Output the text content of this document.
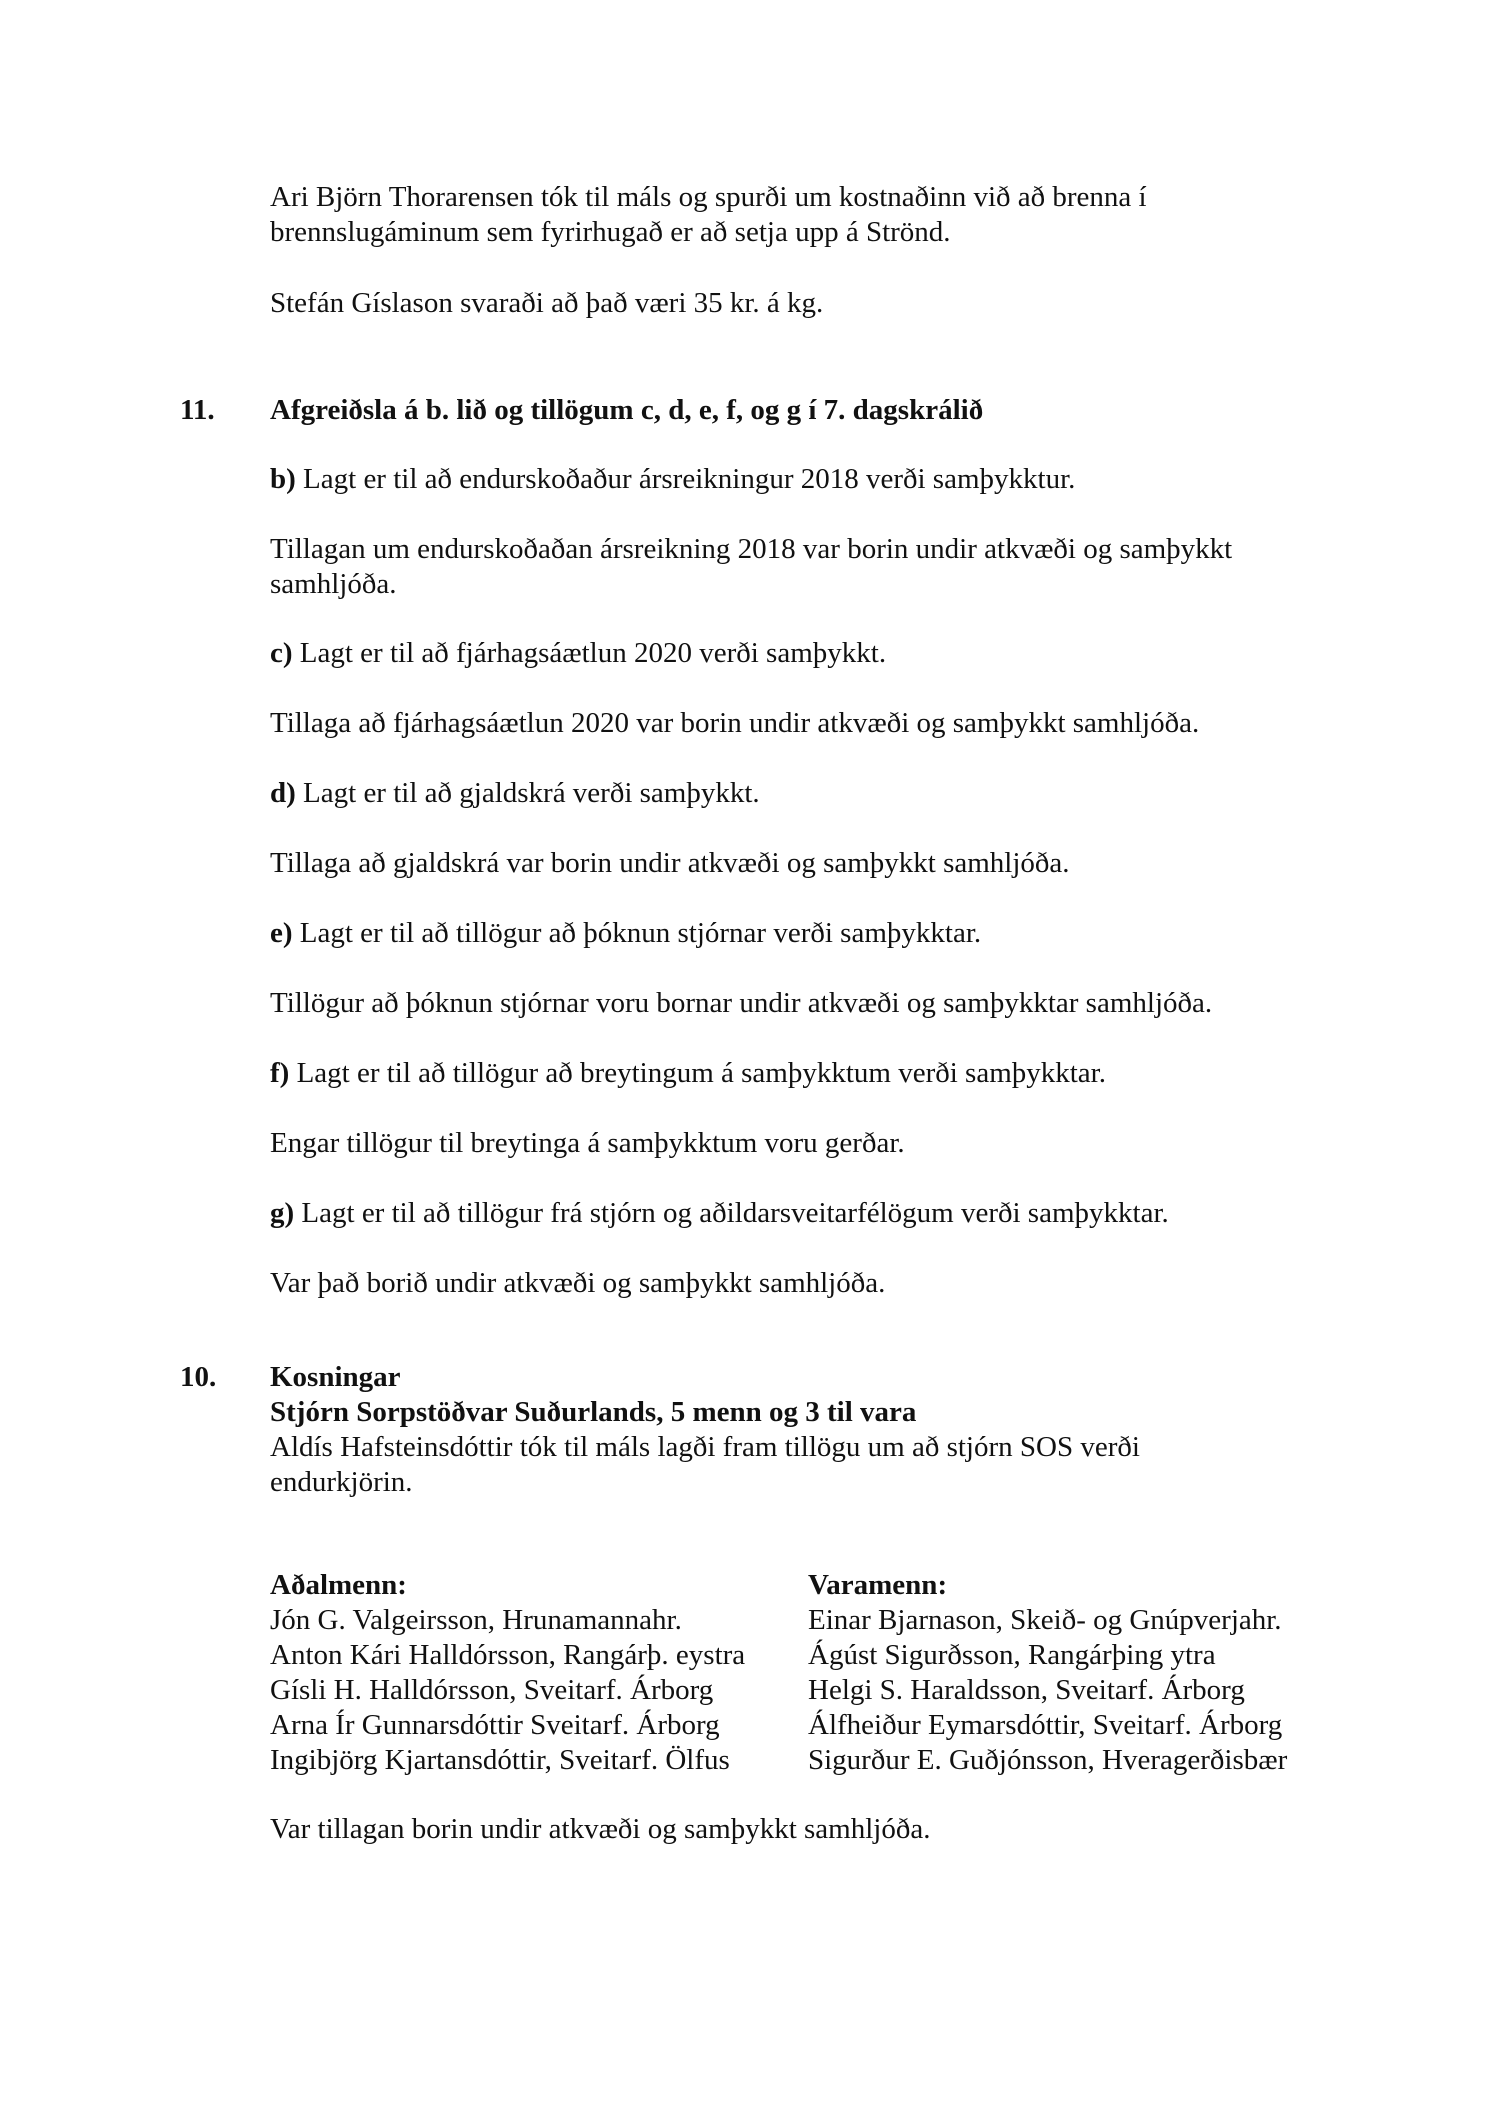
Ari Björn Thorarensen tók til máls og spurði um kostnaðinn við að brenna í
brennslugáminum sem fyrirhugað er að setja upp á Strönd.
Stefán Gíslason svaraði að það væri 35 kr. á kg.
11. Afgreiðsla á b. lið og tillögum c, d, e, f, og g í 7. dagskrálið
b) Lagt er til að endurskoðaður ársreikningur 2018 verði samþykktur.
Tillagan um endurskoðaðan ársreikning 2018 var borin undir atkvæði og samþykkt
samhljóða.
c) Lagt er til að fjárhagsáætlun 2020 verði samþykkt.
Tillaga að fjárhagsáætlun 2020 var borin undir atkvæði og samþykkt samhljóða.
d) Lagt er til að gjaldskrá verði samþykkt.
Tillaga að gjaldskrá var borin undir atkvæði og samþykkt samhljóða.
e) Lagt er til að tillögur að þóknun stjórnar verði samþykktar.
Tillögur að þóknun stjórnar voru bornar undir atkvæði og samþykktar samhljóða.
f) Lagt er til að tillögur að breytingum á samþykktum verði samþykktar.
Engar tillögur til breytinga á samþykktum voru gerðar.
g) Lagt er til að tillögur frá stjórn og aðildarsveitarfélögum verði samþykktar.
Var það borið undir atkvæði og samþykkt samhljóða.
10. Kosningar
Stjórn Sorpstöðvar Suðurlands, 5 menn og 3 til vara
Aldís Hafsteinsdóttir tók til máls lagði fram tillögu um að stjórn SOS verði
endurkjörin.
Aðalmenn:
Jón G. Valgeirsson, Hrunamannahr.
Anton Kári Halldórsson, Rangárþ. eystra
Gísli H. Halldórsson, Sveitarf. Árborg
Arna Ír Gunnarsdóttir Sveitarf. Árborg
Ingibjörg Kjartansdóttir, Sveitarf. Ölfus
Varamenn:
Einar Bjarnason, Skeið- og Gnúpverjahr.
Ágúst Sigurðsson, Rangárþing ytra
Helgi S. Haraldsson, Sveitarf. Árborg
Álfheiður Eymarsdóttir, Sveitarf. Árborg
Sigurður E. Guðjónsson, Hveragerðisbær
Var tillagan borin undir atkvæði og samþykkt samhljóða.
